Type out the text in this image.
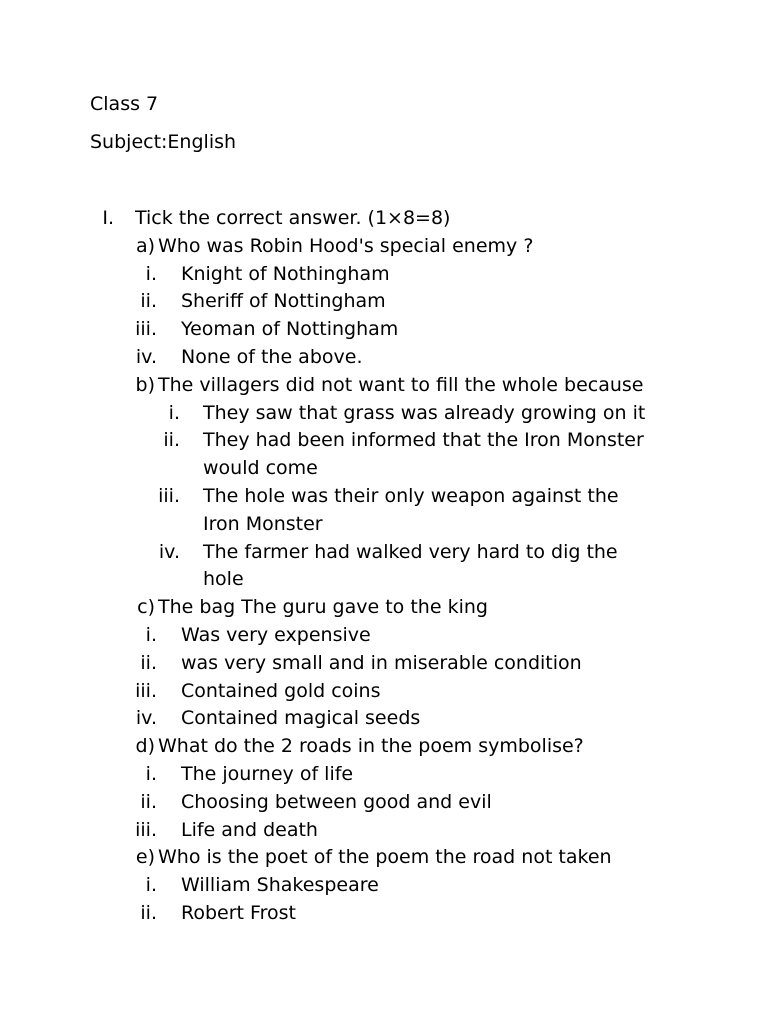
Class 7
Subject:English
I. Tick the correct answer. (1×8=8)
a) Who was Robin Hood's special enemy ?
i. Knight of Nothingham
ii. Sheriff of Nottingham
iii. Yeoman of Nottingham
iv. None of the above.
b) The villagers did not want to fill the whole because
i. They saw that grass was already growing on it
ii. They had been informed that the Iron Monster
would come
iii. The hole was their only weapon against the
Iron Monster
iv. The farmer had walked very hard to dig the
hole
c) The bag The guru gave to the king
i. Was very expensive
ii. was very small and in miserable condition
iii. Contained gold coins
iv. Contained magical seeds
d) What do the 2 roads in the poem symbolise?
i. The journey of life
ii. Choosing between good and evil
iii. Life and death
e) Who is the poet of the poem the road not taken
i. William Shakespeare
ii. Robert Frost
